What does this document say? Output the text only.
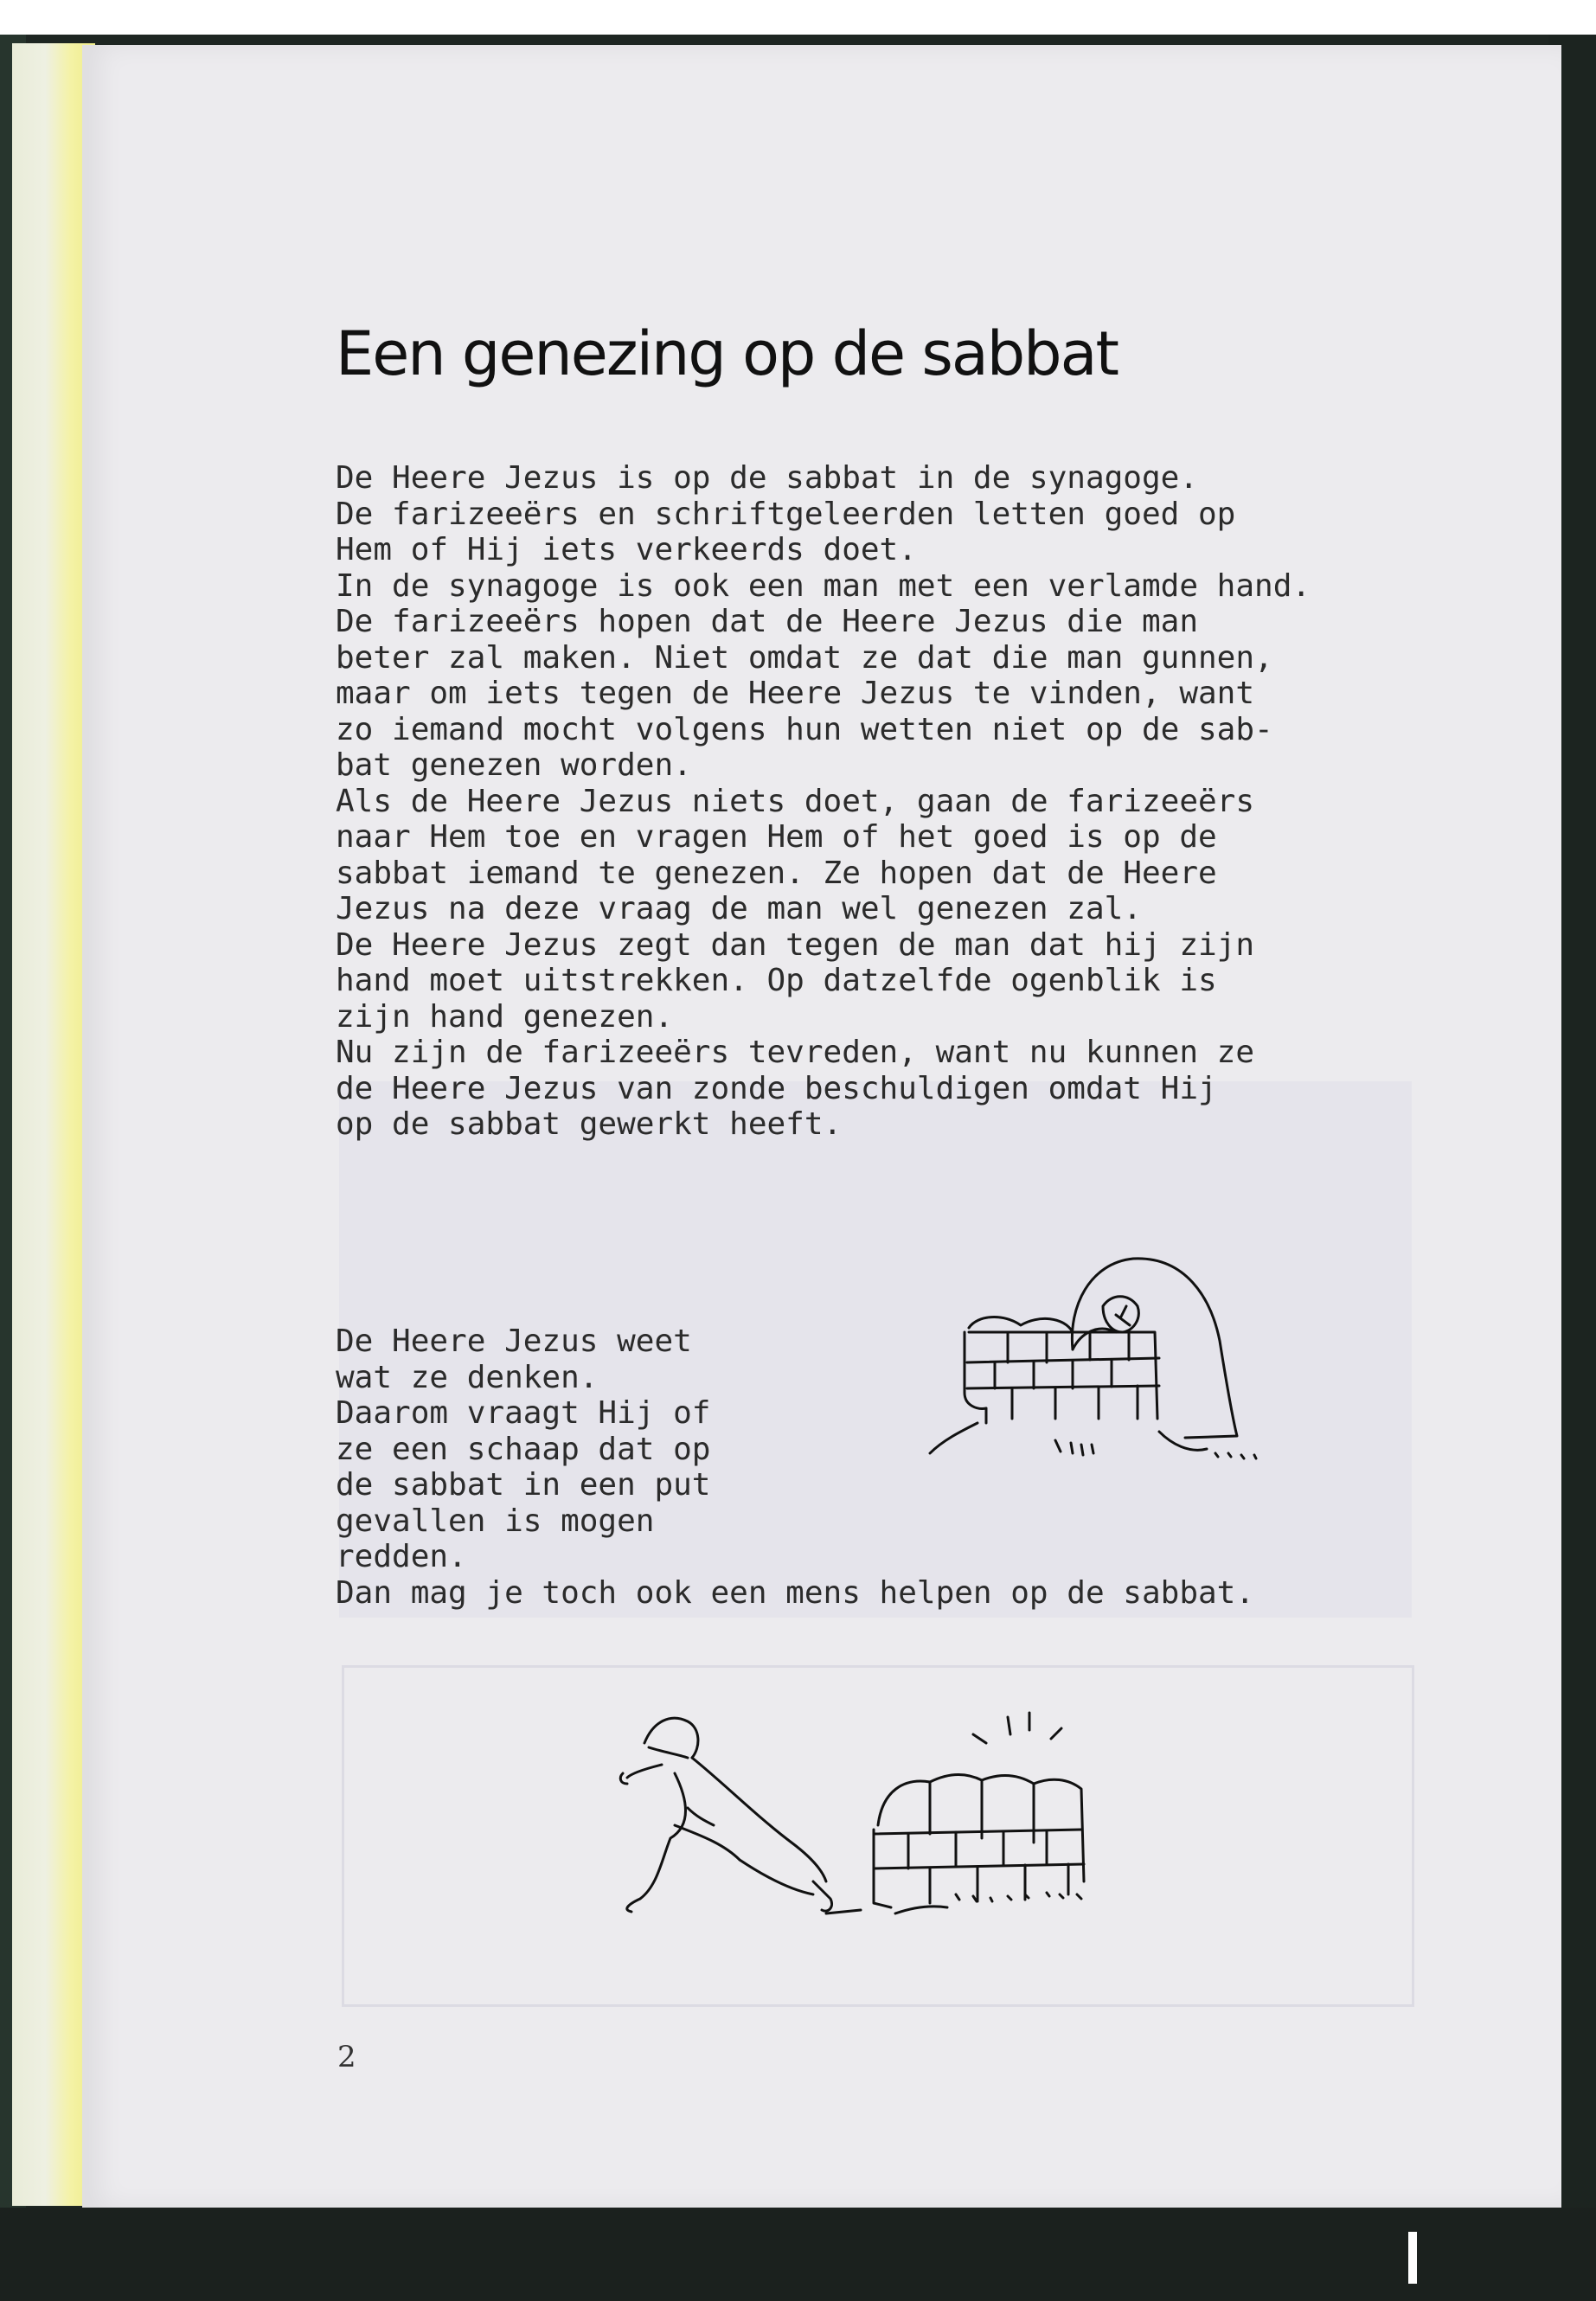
Een genezing op de sabbat
De Heere Jezus is op de sabbat in de synagoge.
De farizeeërs en schriftgeleerden letten goed op
Hem of Hij iets verkeerds doet.
In de synagoge is ook een man met een verlamde hand.
De farizeeërs hopen dat de Heere Jezus die man
beter zal maken. Niet omdat ze dat die man gunnen,
maar om iets tegen de Heere Jezus te vinden, want
zo iemand mocht volgens hun wetten niet op de sab-
bat genezen worden.
Als de Heere Jezus niets doet, gaan de farizeeërs
naar Hem toe en vragen Hem of het goed is op de
sabbat iemand te genezen. Ze hopen dat de Heere
Jezus na deze vraag de man wel genezen zal.
De Heere Jezus zegt dan tegen de man dat hij zijn
hand moet uitstrekken. Op datzelfde ogenblik is
zijn hand genezen.
Nu zijn de farizeeërs tevreden, want nu kunnen ze
de Heere Jezus van zonde beschuldigen omdat Hij
op de sabbat gewerkt heeft.
De Heere Jezus weet
wat ze denken.
Daarom vraagt Hij of
ze een schaap dat op
de sabbat in een put
gevallen is mogen
redden.
Dan mag je toch ook een mens helpen op de sabbat.
2
